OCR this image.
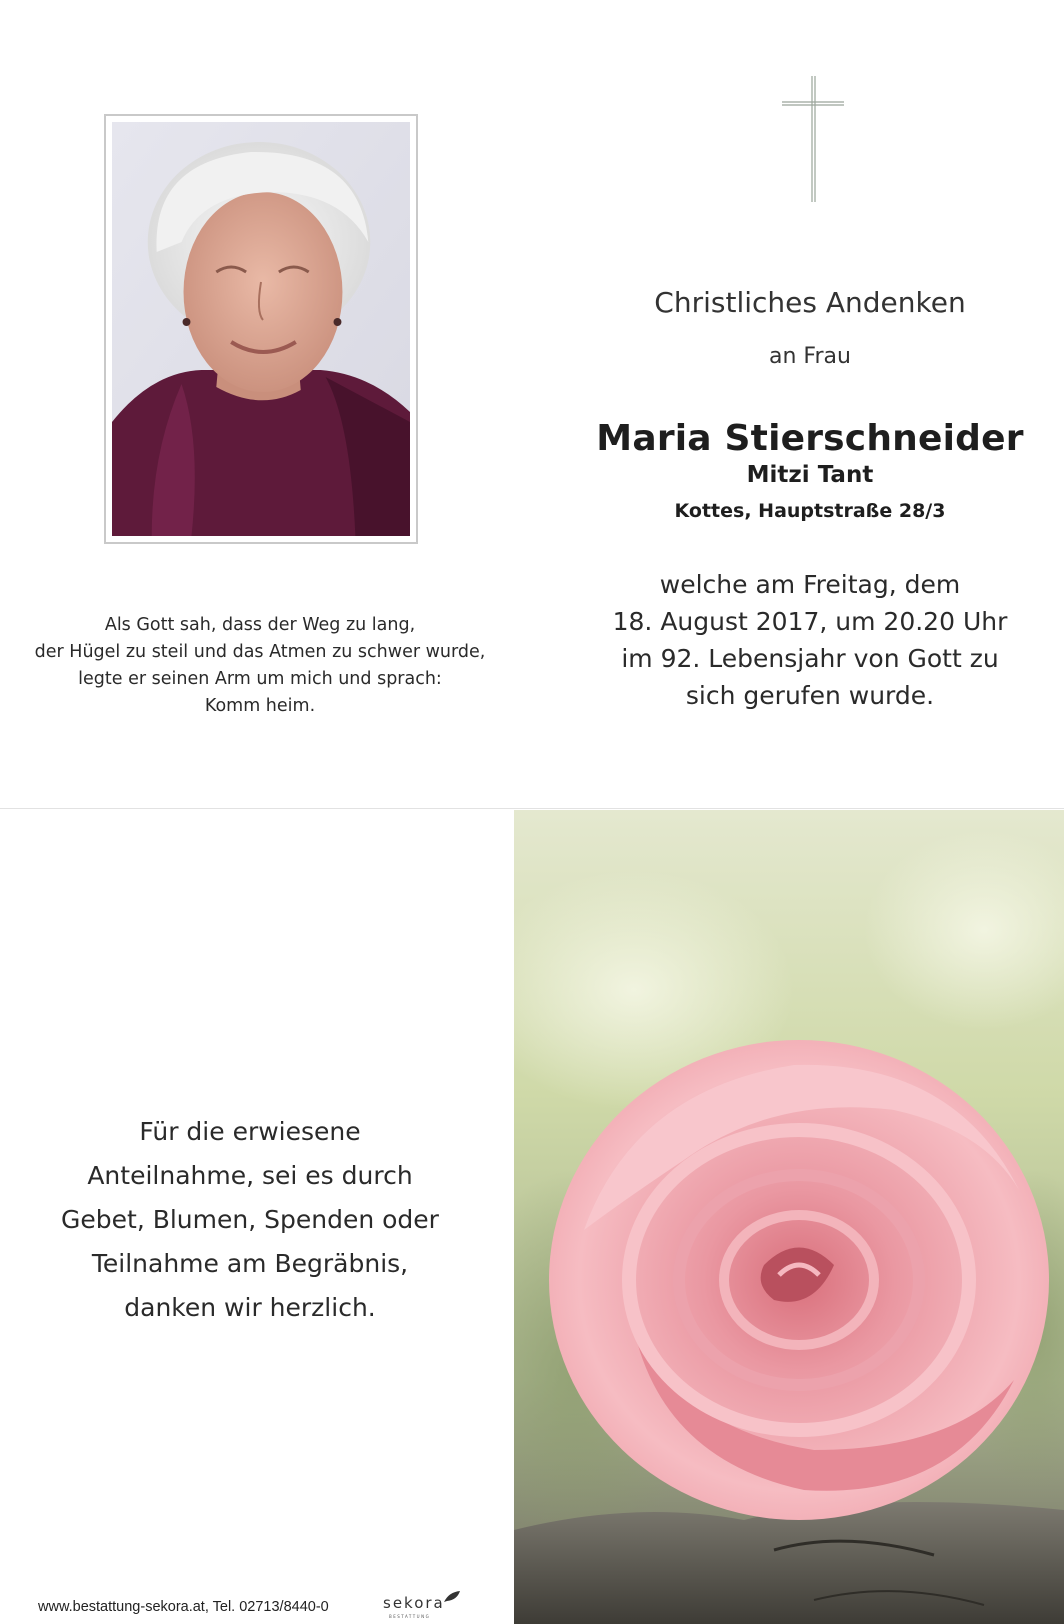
Christliches Andenken
an Frau
Maria Stierschneider
Mitzi Tant
Kottes, Hauptstraße 28/3
welche am Freitag, dem
18. August 2017, um 20.20 Uhr
im 92. Lebensjahr von Gott zu
sich gerufen wurde.
Als Gott sah, dass der Weg zu lang,
der Hügel zu steil und das Atmen zu schwer wurde,
legte er seinen Arm um mich und sprach:
Komm heim.
Für die erwiesene
Anteilnahme, sei es durch
Gebet, Blumen, Spenden oder
Teilnahme am Begräbnis,
danken wir herzlich.
www.bestattung-sekora.at, Tel. 02713/8440-0	sekora
BESTATTUNG
